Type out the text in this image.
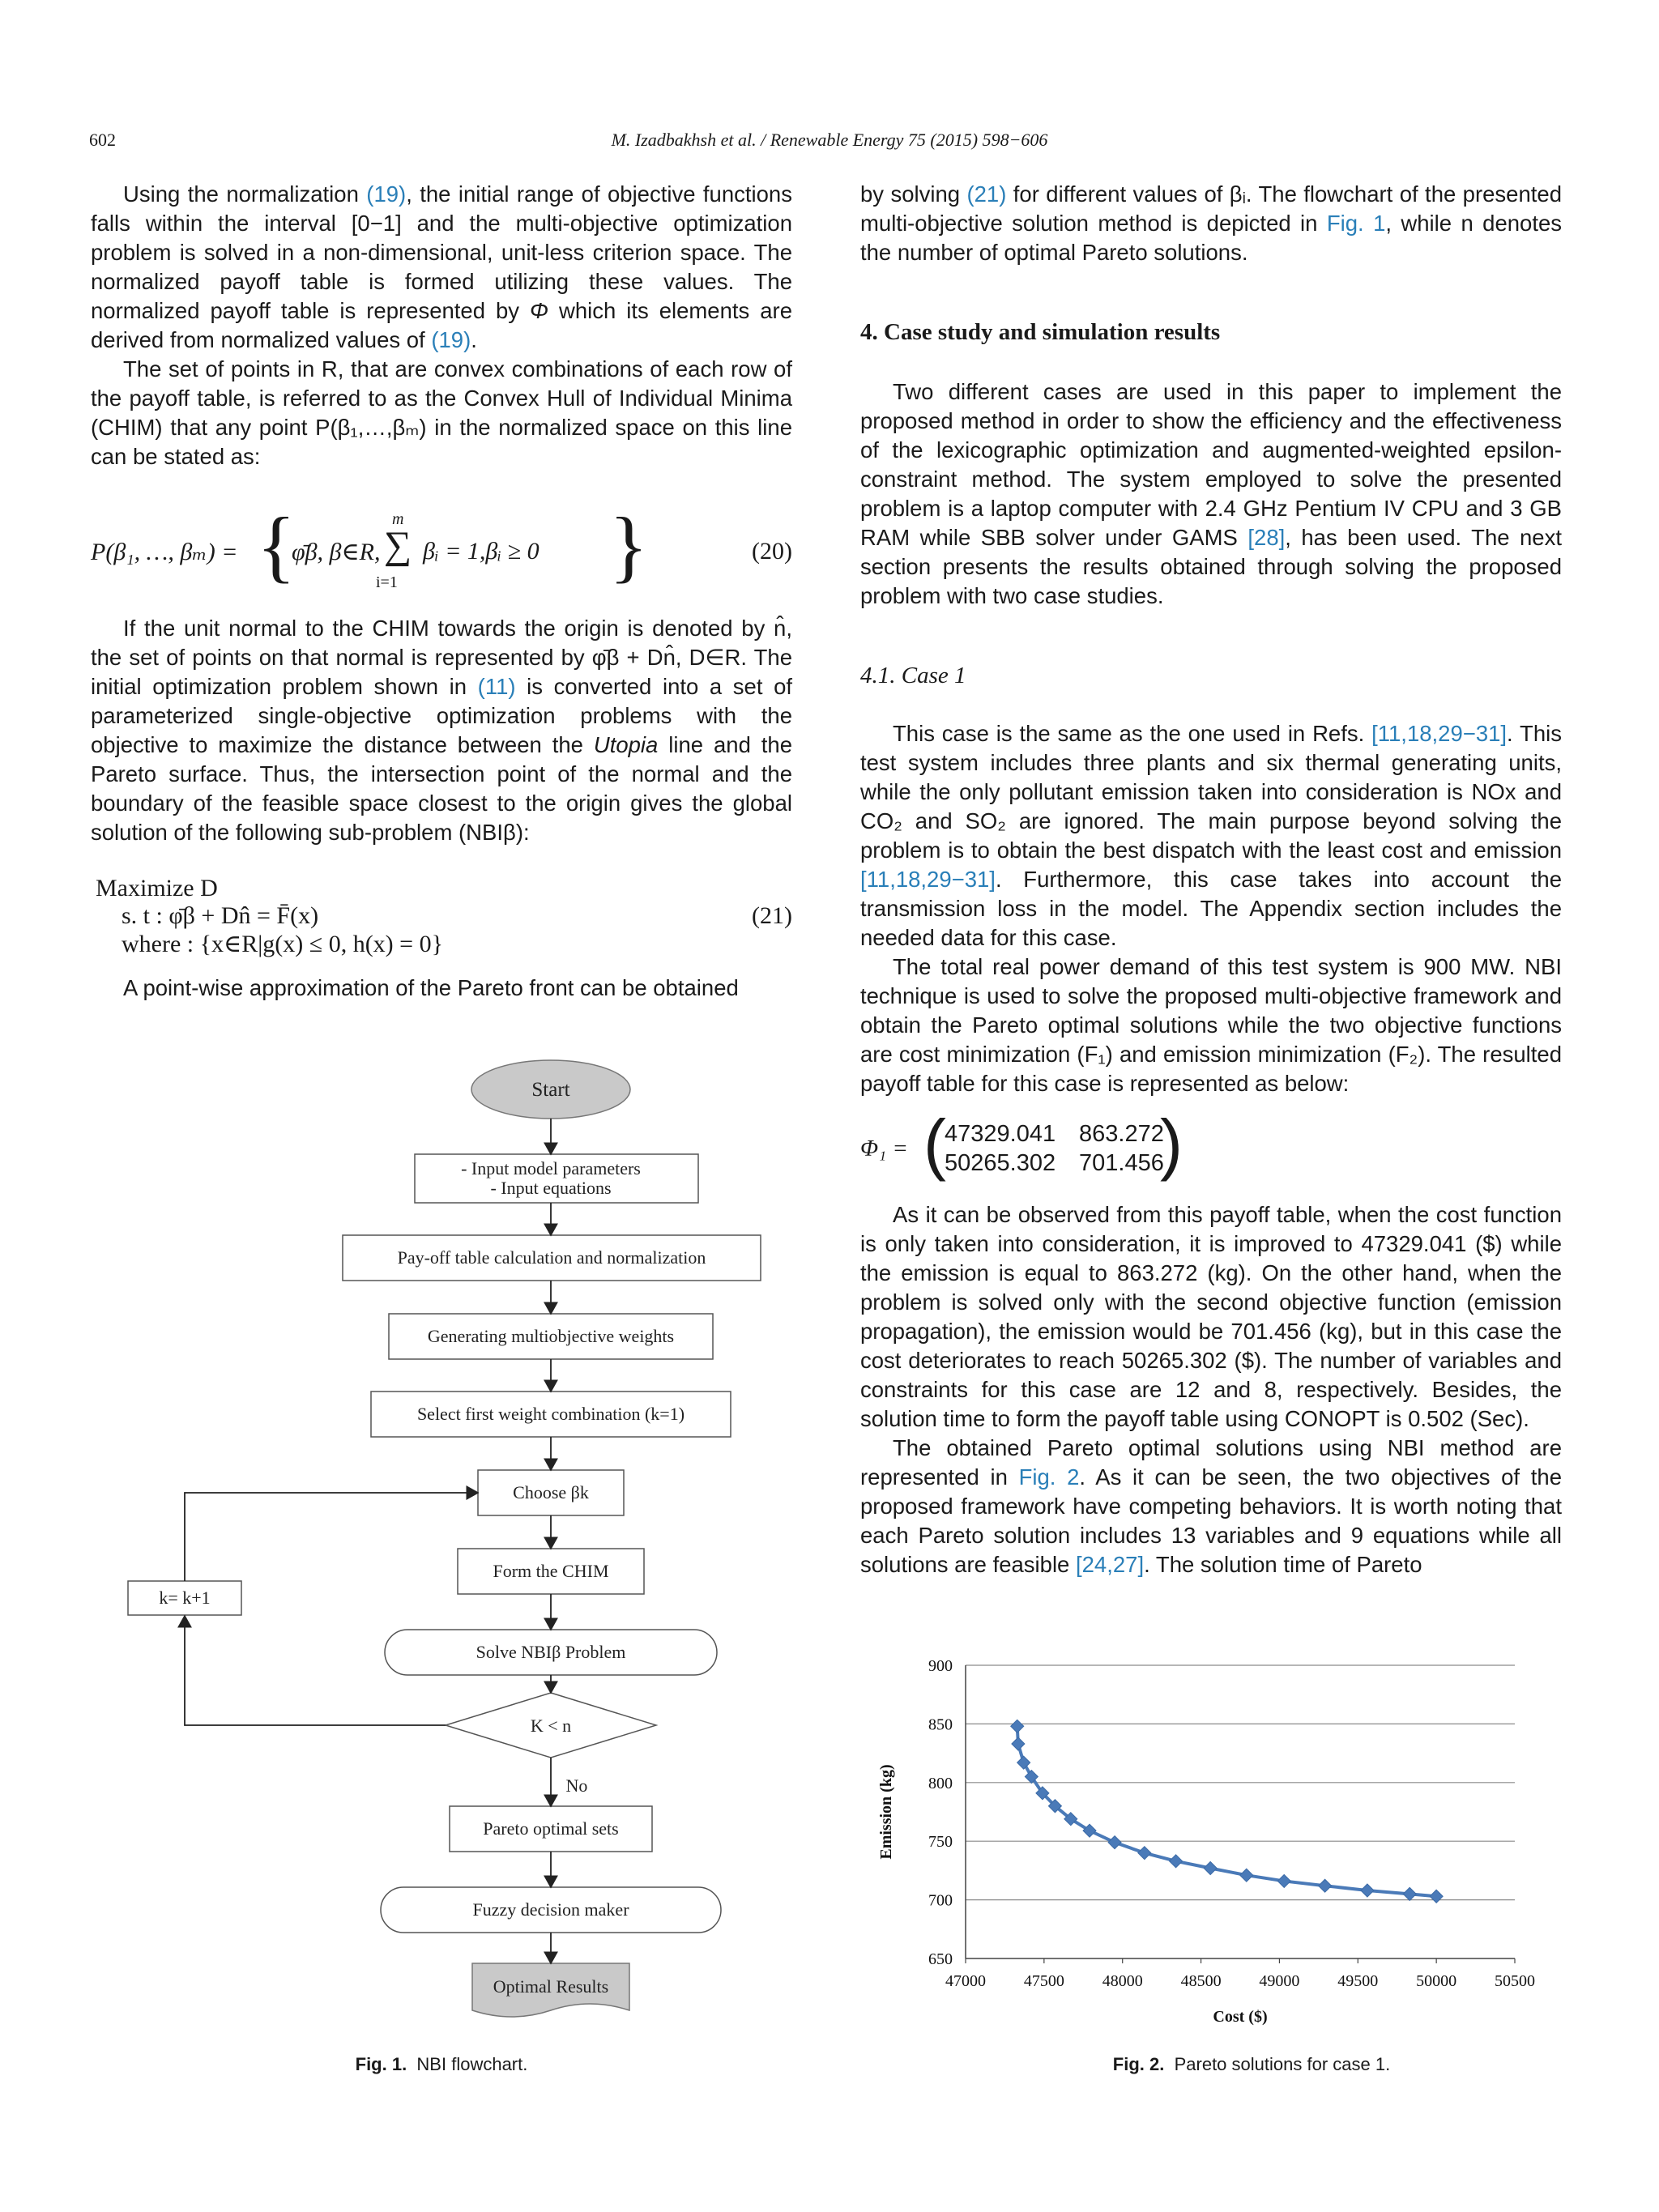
602	M. Izadbakhsh et al. / Renewable Energy 75 (2015) 598−606

Using the normalization (19), the initial range of objective functions falls within the interval [0−1] and the multi-objective optimization problem is solved in a non-dimensional, unit-less criterion space. The normalized payoff table is formed utilizing these values. The normalized payoff table is represented by Φ which its elements are derived from normalized values of (19).

The set of points in R, that are convex combinations of each row of the payoff table, is referred to as the Convex Hull of Individual Minima (CHIM) that any point P(β₁,…,βₘ) in the normalized space on this line can be stated as:

P(β₁, …, βₘ) = {
φ̄β, β∈R,
m
∑
i=1
βᵢ = 1,βᵢ ≥ 0 }	(20)

If the unit normal to the CHIM towards the origin is denoted by n̂, the set of points on that normal is represented by φ̄β + Dn̂, D∈R. The initial optimization problem shown in (11) is converted into a set of parameterized single-objective optimization problems with the objective to maximize the distance between the Utopia line and the Pareto surface. Thus, the intersection point of the normal and the boundary of the feasible space closest to the origin gives the global solution of the following sub-problem (NBIβ):

Maximize D
s. t : φ̄β + Dn̂ = F̄(x)
where : {x∈R|g(x) ≤ 0, h(x) = 0}
(21)

A point-wise approximation of the Pareto front can be obtained

Start
- Input model parameters
- Input equations
Pay-off table calculation and normalization
Generating multiobjective weights
Select first weight combination (k=1)
Choose βk
Form the CHIM
Solve NBIβ Problem
K < n
No
Pareto optimal sets
Fuzzy decision maker
Optimal Results
k= k+1
Fig. 1. NBI flowchart.

by solving (21) for different values of βᵢ. The flowchart of the presented multi-objective solution method is depicted in Fig. 1, while n denotes the number of optimal Pareto solutions.

4. Case study and simulation results

Two different cases are used in this paper to implement the proposed method in order to show the efficiency and the effectiveness of the lexicographic optimization and augmented-weighted epsilon-constraint method. The system employed to solve the presented problem is a laptop computer with 2.4 GHz Pentium IV CPU and 3 GB RAM while SBB solver under GAMS [28], has been used. The next section presents the results obtained through solving the proposed problem with two case studies.

4.1. Case 1

This case is the same as the one used in Refs. [11,18,29−31]. This test system includes three plants and six thermal generating units, while the only pollutant emission taken into consideration is NOx and CO₂ and SO₂ are ignored. The main purpose beyond solving the problem is to obtain the best dispatch with the least cost and emission [11,18,29−31]. Furthermore, this case takes into account the transmission loss in the model. The Appendix section includes the needed data for this case.

The total real power demand of this test system is 900 MW. NBI technique is used to solve the proposed multi-objective framework and obtain the Pareto optimal solutions while the two objective functions are cost minimization (F₁) and emission minimization (F₂). The resulted payoff table for this case is represented as below:

Φ₁ = (
47329.041 863.272
50265.302 701.456
)

As it can be observed from this payoff table, when the cost function is only taken into consideration, it is improved to 47329.041 ($) while the emission is equal to 863.272 (kg). On the other hand, when the problem is solved only with the second objective function (emission propagation), the emission would be 701.456 (kg), but in this case the cost deteriorates to reach 50265.302 ($). The number of variables and constraints for this case are 12 and 8, respectively. Besides, the solution time to form the payoff table using CONOPT is 0.502 (Sec).

The obtained Pareto optimal solutions using NBI method are represented in Fig. 2. As it can be seen, the two objectives of the proposed framework have competing behaviors. It is worth noting that each Pareto solution includes 13 variables and 9 equations while all solutions are feasible [24,27]. The solution time of Pareto

Emission (kg)
Cost ($)
650
700
750
800
850
900
47000 47500 48000 48500 49000 49500 50000 50500
Fig. 2. Pareto solutions for case 1.
